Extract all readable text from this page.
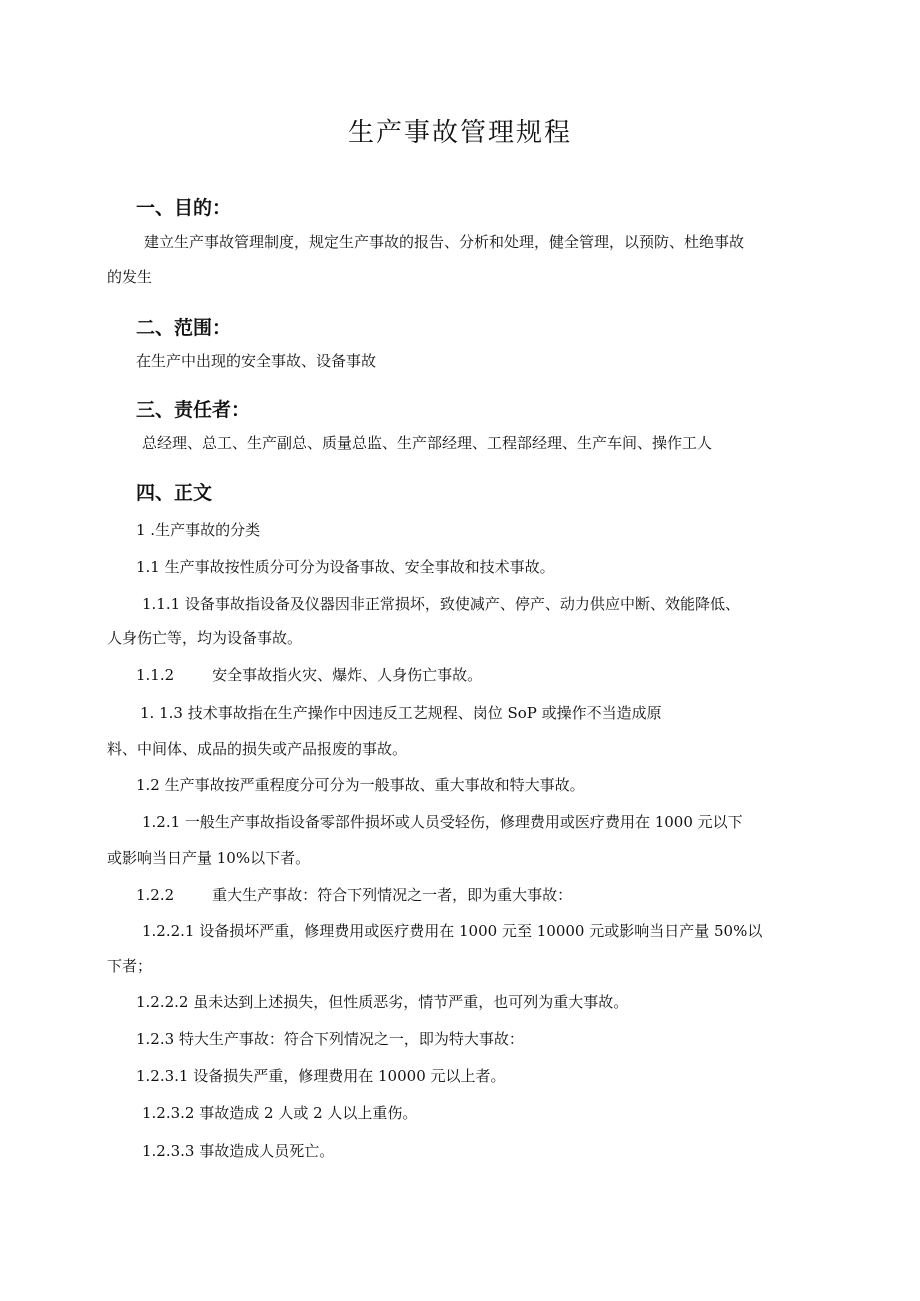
生产事故管理规程
一、目的：
建立生产事故管理制度，规定生产事故的报告、分析和处理，健全管理，以预防、杜绝事故
的发生
二、范围：
在生产中出现的安全事故、设备事故
三、责任者：
总经理、总工、生产副总、质量总监、生产部经理、工程部经理、生产车间、操作工人
四、正文
1 .生产事故的分类
1.1 生产事故按性质分可分为设备事故、安全事故和技术事故。
1.1.1 设备事故指设备及仪器因非正常损坏，致使减产、停产、动力供应中断、效能降低、
人身伤亡等，均为设备事故。
1.1.2	安全事故指火灾、爆炸、人身伤亡事故。
1. 1.3 技术事故指在生产操作中因违反工艺规程、岗位 SoP 或操作不当造成原
料、中间体、成品的损失或产品报废的事故。
1.2 生产事故按严重程度分可分为一般事故、重大事故和特大事故。
1.2.1 一般生产事故指设备零部件损坏或人员受轻伤，修理费用或医疗费用在 1000 元以下
或影响当日产量 10%以下者。
1.2.2	重大生产事故：符合下列情况之一者，即为重大事故：
1.2.2.1 设备损坏严重，修理费用或医疗费用在 1000 元至 10000 元或影响当日产量 50%以
下者；
1.2.2.2 虽未达到上述损失，但性质恶劣，情节严重，也可列为重大事故。
1.2.3 特大生产事故：符合下列情况之一，即为特大事故：
1.2.3.1 设备损失严重，修理费用在 10000 元以上者。
1.2.3.2 事故造成 2 人或 2 人以上重伤。
1.2.3.3 事故造成人员死亡。
